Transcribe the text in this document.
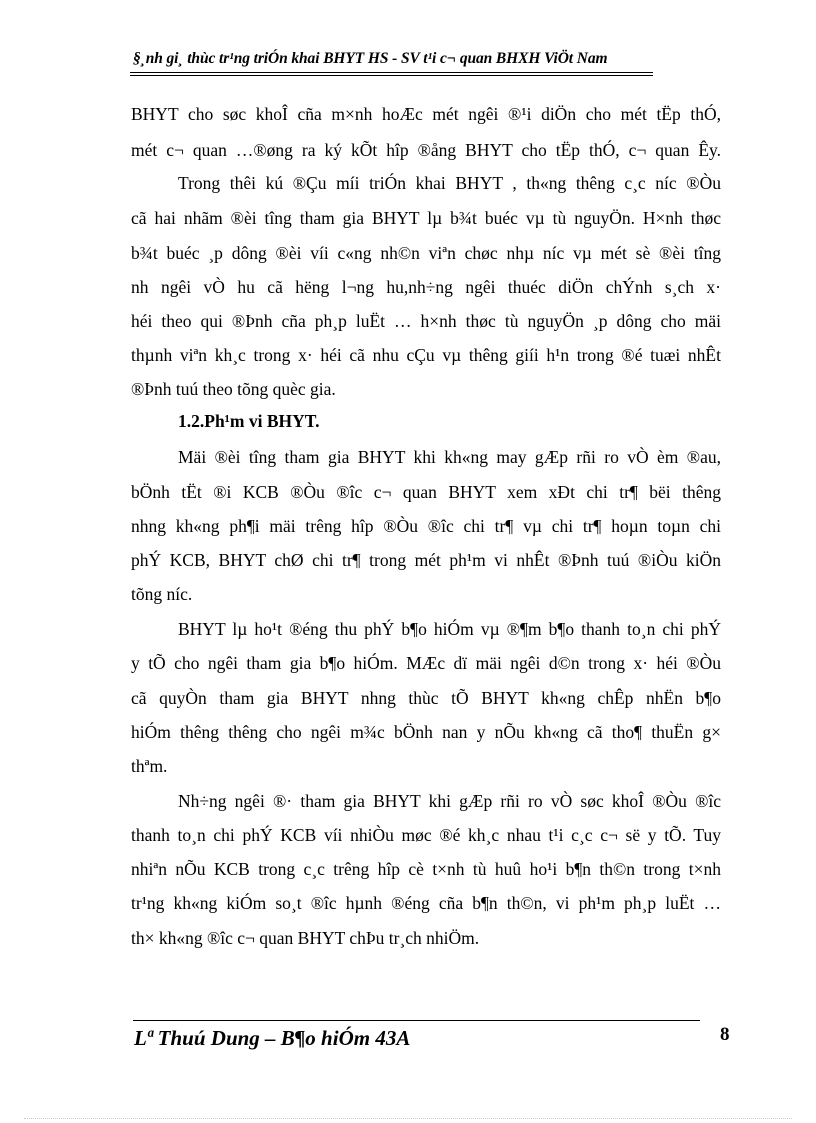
§¸nh gi¸ thùc tr¹ng triÓn khai BHYT HS - SV t¹i c¬ quan BHXH ViÖt Nam
BHYT cho søc khoÎ cña m×nh hoÆc mét ngêi ®¹i diÖn cho mét tËp thÓ,
mét c¬ quan …®øng ra ký kÕt hîp ®ång BHYT cho tËp thÓ, c¬ quan Êy.
Trong thêi kú ®Çu míi triÓn khai BHYT , th«ng thêng c¸c níc ®Òu
cã hai nhãm ®èi tîng tham gia BHYT lµ b¾t buéc vµ tù nguyÖn. H×nh thøc
b¾t buéc ¸p dông ®èi víi c«ng nh©n viªn chøc nhµ níc vµ mét sè ®èi tîng
nh ngêi vÒ hu cã hëng l¬ng hu,nh÷ng ngêi thuéc diÖn chÝnh s¸ch x·
héi theo qui ®Þnh cña ph¸p luËt … h×nh thøc tù nguyÖn ¸p dông cho mäi
thµnh viªn kh¸c trong x· héi cã nhu cÇu vµ thêng giíi h¹n trong ®é tuæi nhÊt
®Þnh tuú theo tõng quèc gia.
1.2.Ph¹m vi BHYT.
Mäi ®èi tîng tham gia BHYT khi kh«ng may gÆp rñi ro vÒ èm ®au,
bÖnh tËt ®i KCB ®Òu ®îc c¬ quan BHYT xem xÐt chi tr¶ bëi thêng
nhng kh«ng ph¶i mäi trêng hîp ®Òu ®îc chi tr¶ vµ chi tr¶ hoµn toµn chi
phÝ KCB, BHYT chØ chi tr¶ trong mét ph¹m vi nhÊt ®Þnh tuú ®iÒu kiÖn
tõng níc.
BHYT lµ ho¹t ®éng thu phÝ b¶o hiÓm vµ ®¶m b¶o thanh to¸n chi phÝ
y tÕ cho ngêi tham gia b¶o hiÓm. MÆc dï mäi ngêi d©n trong x· héi ®Òu
cã quyÒn tham gia BHYT nhng thùc tÕ BHYT kh«ng chÊp nhËn b¶o
hiÓm thêng thêng cho ngêi m¾c bÖnh nan y nÕu kh«ng cã tho¶ thuËn g×
thªm.
Nh÷ng ngêi ®· tham gia BHYT khi gÆp rñi ro vÒ søc khoÎ ®Òu ®îc
thanh to¸n chi phÝ KCB víi nhiÒu møc ®é kh¸c nhau t¹i c¸c c¬ së y tÕ. Tuy
nhiªn nÕu KCB trong c¸c trêng hîp cè t×nh tù huû ho¹i b¶n th©n trong t×nh
tr¹ng kh«ng kiÓm so¸t ®îc hµnh ®éng cña b¶n th©n, vi ph¹m ph¸p luËt …
th× kh«ng ®îc c¬ quan BHYT chÞu tr¸ch nhiÖm.
Lª Thuú Dung – B¶o hiÓm 43A	8
